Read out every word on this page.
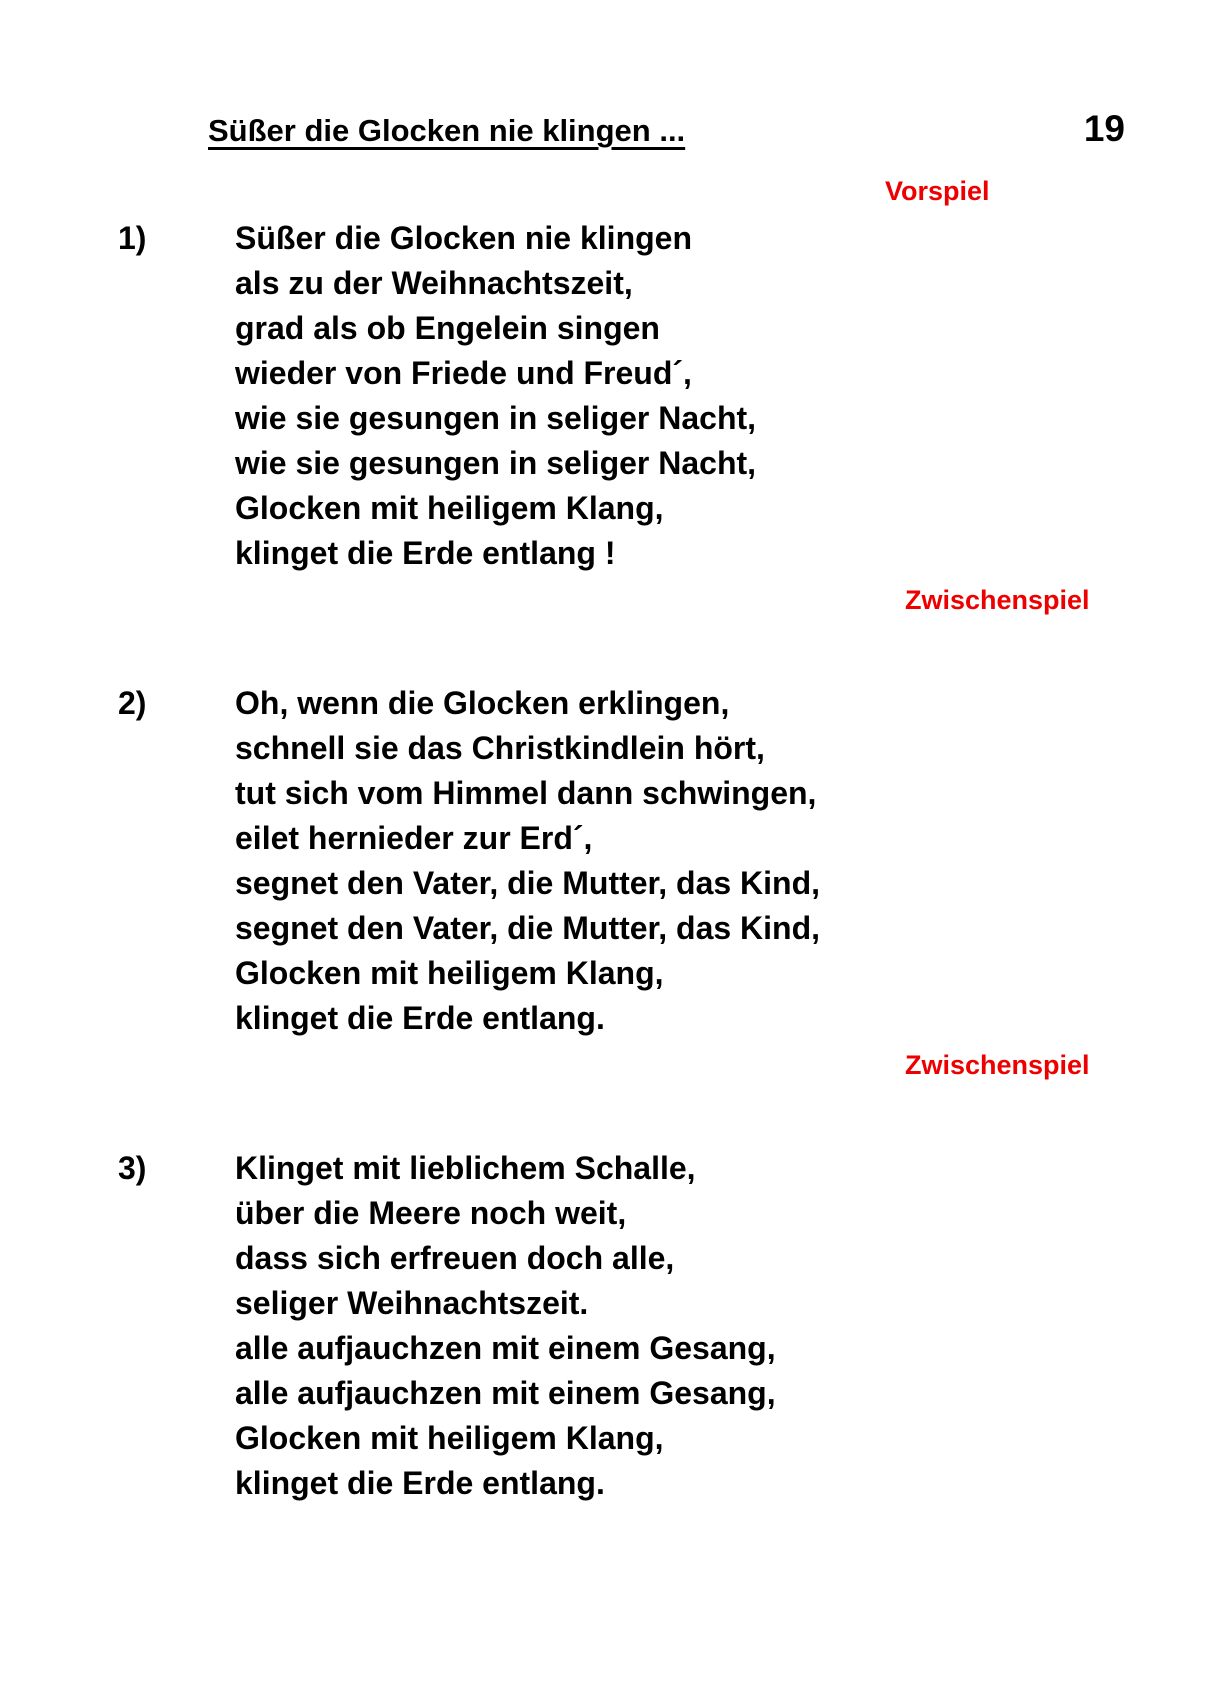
Süßer die Glocken nie klingen ...	19
Vorspiel
1)	Süßer die Glocken nie klingen
als zu der Weihnachtszeit,
grad als ob Engelein singen
wieder von Friede und Freud´,
wie sie gesungen in seliger Nacht,
wie sie gesungen in seliger Nacht,
Glocken mit heiligem Klang,
klinget die Erde entlang !
Zwischenspiel
2)	Oh, wenn die Glocken erklingen,
schnell sie das Christkindlein hört,
tut sich vom Himmel dann schwingen,
eilet hernieder zur Erd´,
segnet den Vater, die Mutter, das Kind,
segnet den Vater, die Mutter, das Kind,
Glocken mit heiligem Klang,
klinget die Erde entlang.
Zwischenspiel
3)	Klinget mit lieblichem Schalle,
über die Meere noch weit,
dass sich erfreuen doch alle,
seliger Weihnachtszeit.
alle aufjauchzen mit einem Gesang,
alle aufjauchzen mit einem Gesang,
Glocken mit heiligem Klang,
klinget die Erde entlang.
